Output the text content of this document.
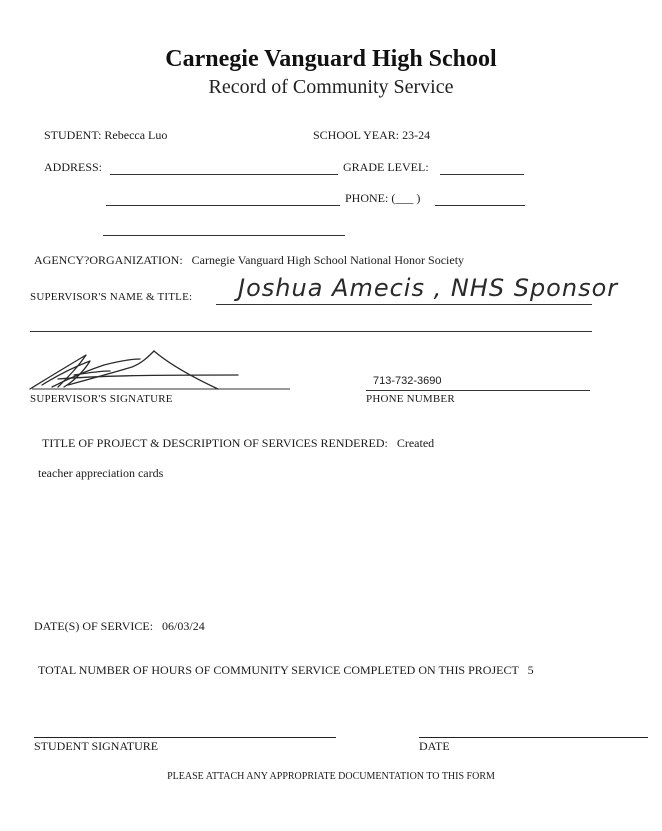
Carnegie Vanguard High School
Record of Community Service
STUDENT: Rebecca Luo	SCHOOL YEAR: 23-24
ADDRESS:	GRADE LEVEL:
PHONE: (___ )
AGENCY?ORGANIZATION: Carnegie Vanguard High School National Honor Society
SUPERVISOR'S NAME & TITLE: Joshua Amecis , NHS Sponsor
SUPERVISOR'S SIGNATURE
713-732-3690
PHONE NUMBER
TITLE OF PROJECT & DESCRIPTION OF SERVICES RENDERED: Created
teacher appreciation cards
DATE(S) OF SERVICE: 06/03/24
TOTAL NUMBER OF HOURS OF COMMUNITY SERVICE COMPLETED ON THIS PROJECT 5
STUDENT SIGNATURE	DATE
PLEASE ATTACH ANY APPROPRIATE DOCUMENTATION TO THIS FORM
